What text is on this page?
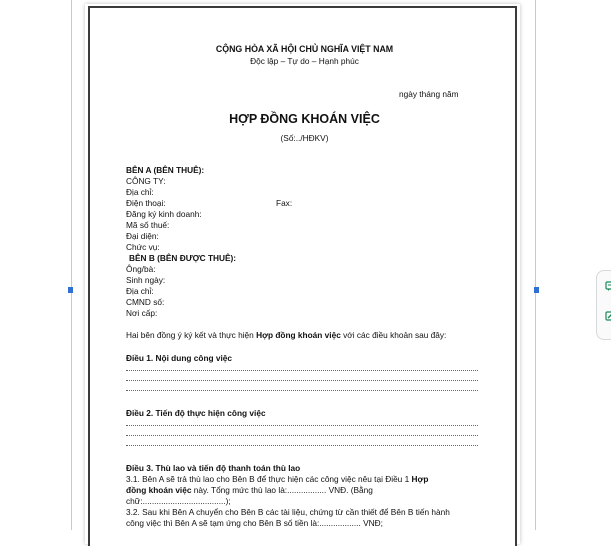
CỘNG HÒA XÃ HỘI CHỦ NGHĨA VIỆT NAM
Độc lập – Tự do – Hạnh phúc
ngày tháng năm
HỢP ĐỒNG KHOÁN VIỆC
(Số:../HĐKV)
BÊN A (BÊN THUÊ):
CÔNG TY:
Địa chỉ:
Điện thoại:	Fax:
Đăng ký kinh doanh:
Mã số thuế:
Đại diện:
Chức vụ:
BÊN B (BÊN ĐƯỢC THUÊ):
Ông/bà:
Sinh ngày:
Địa chỉ:
CMND số:
Nơi cấp:
Hai bên đồng ý ký kết và thực hiện Hợp đồng khoán việc với các điều khoản sau đây:
Điều 1. Nội dung công việc
Điều 2. Tiến độ thực hiện công việc
Điều 3. Thù lao và tiến độ thanh toán thù lao
3.1. Bên A sẽ trả thù lao cho Bên B để thực hiện các công việc nêu tại Điều 1 Hợp
đồng khoán việc này. Tổng mức thù lao là:................. VNĐ. (Bằng
chữ:....................................);
3.2. Sau khi Bên A chuyển cho Bên B các tài liệu, chứng từ cần thiết để Bên B tiến hành
công việc thì Bên A sẽ tạm ứng cho Bên B số tiền là:.................. VNĐ;
